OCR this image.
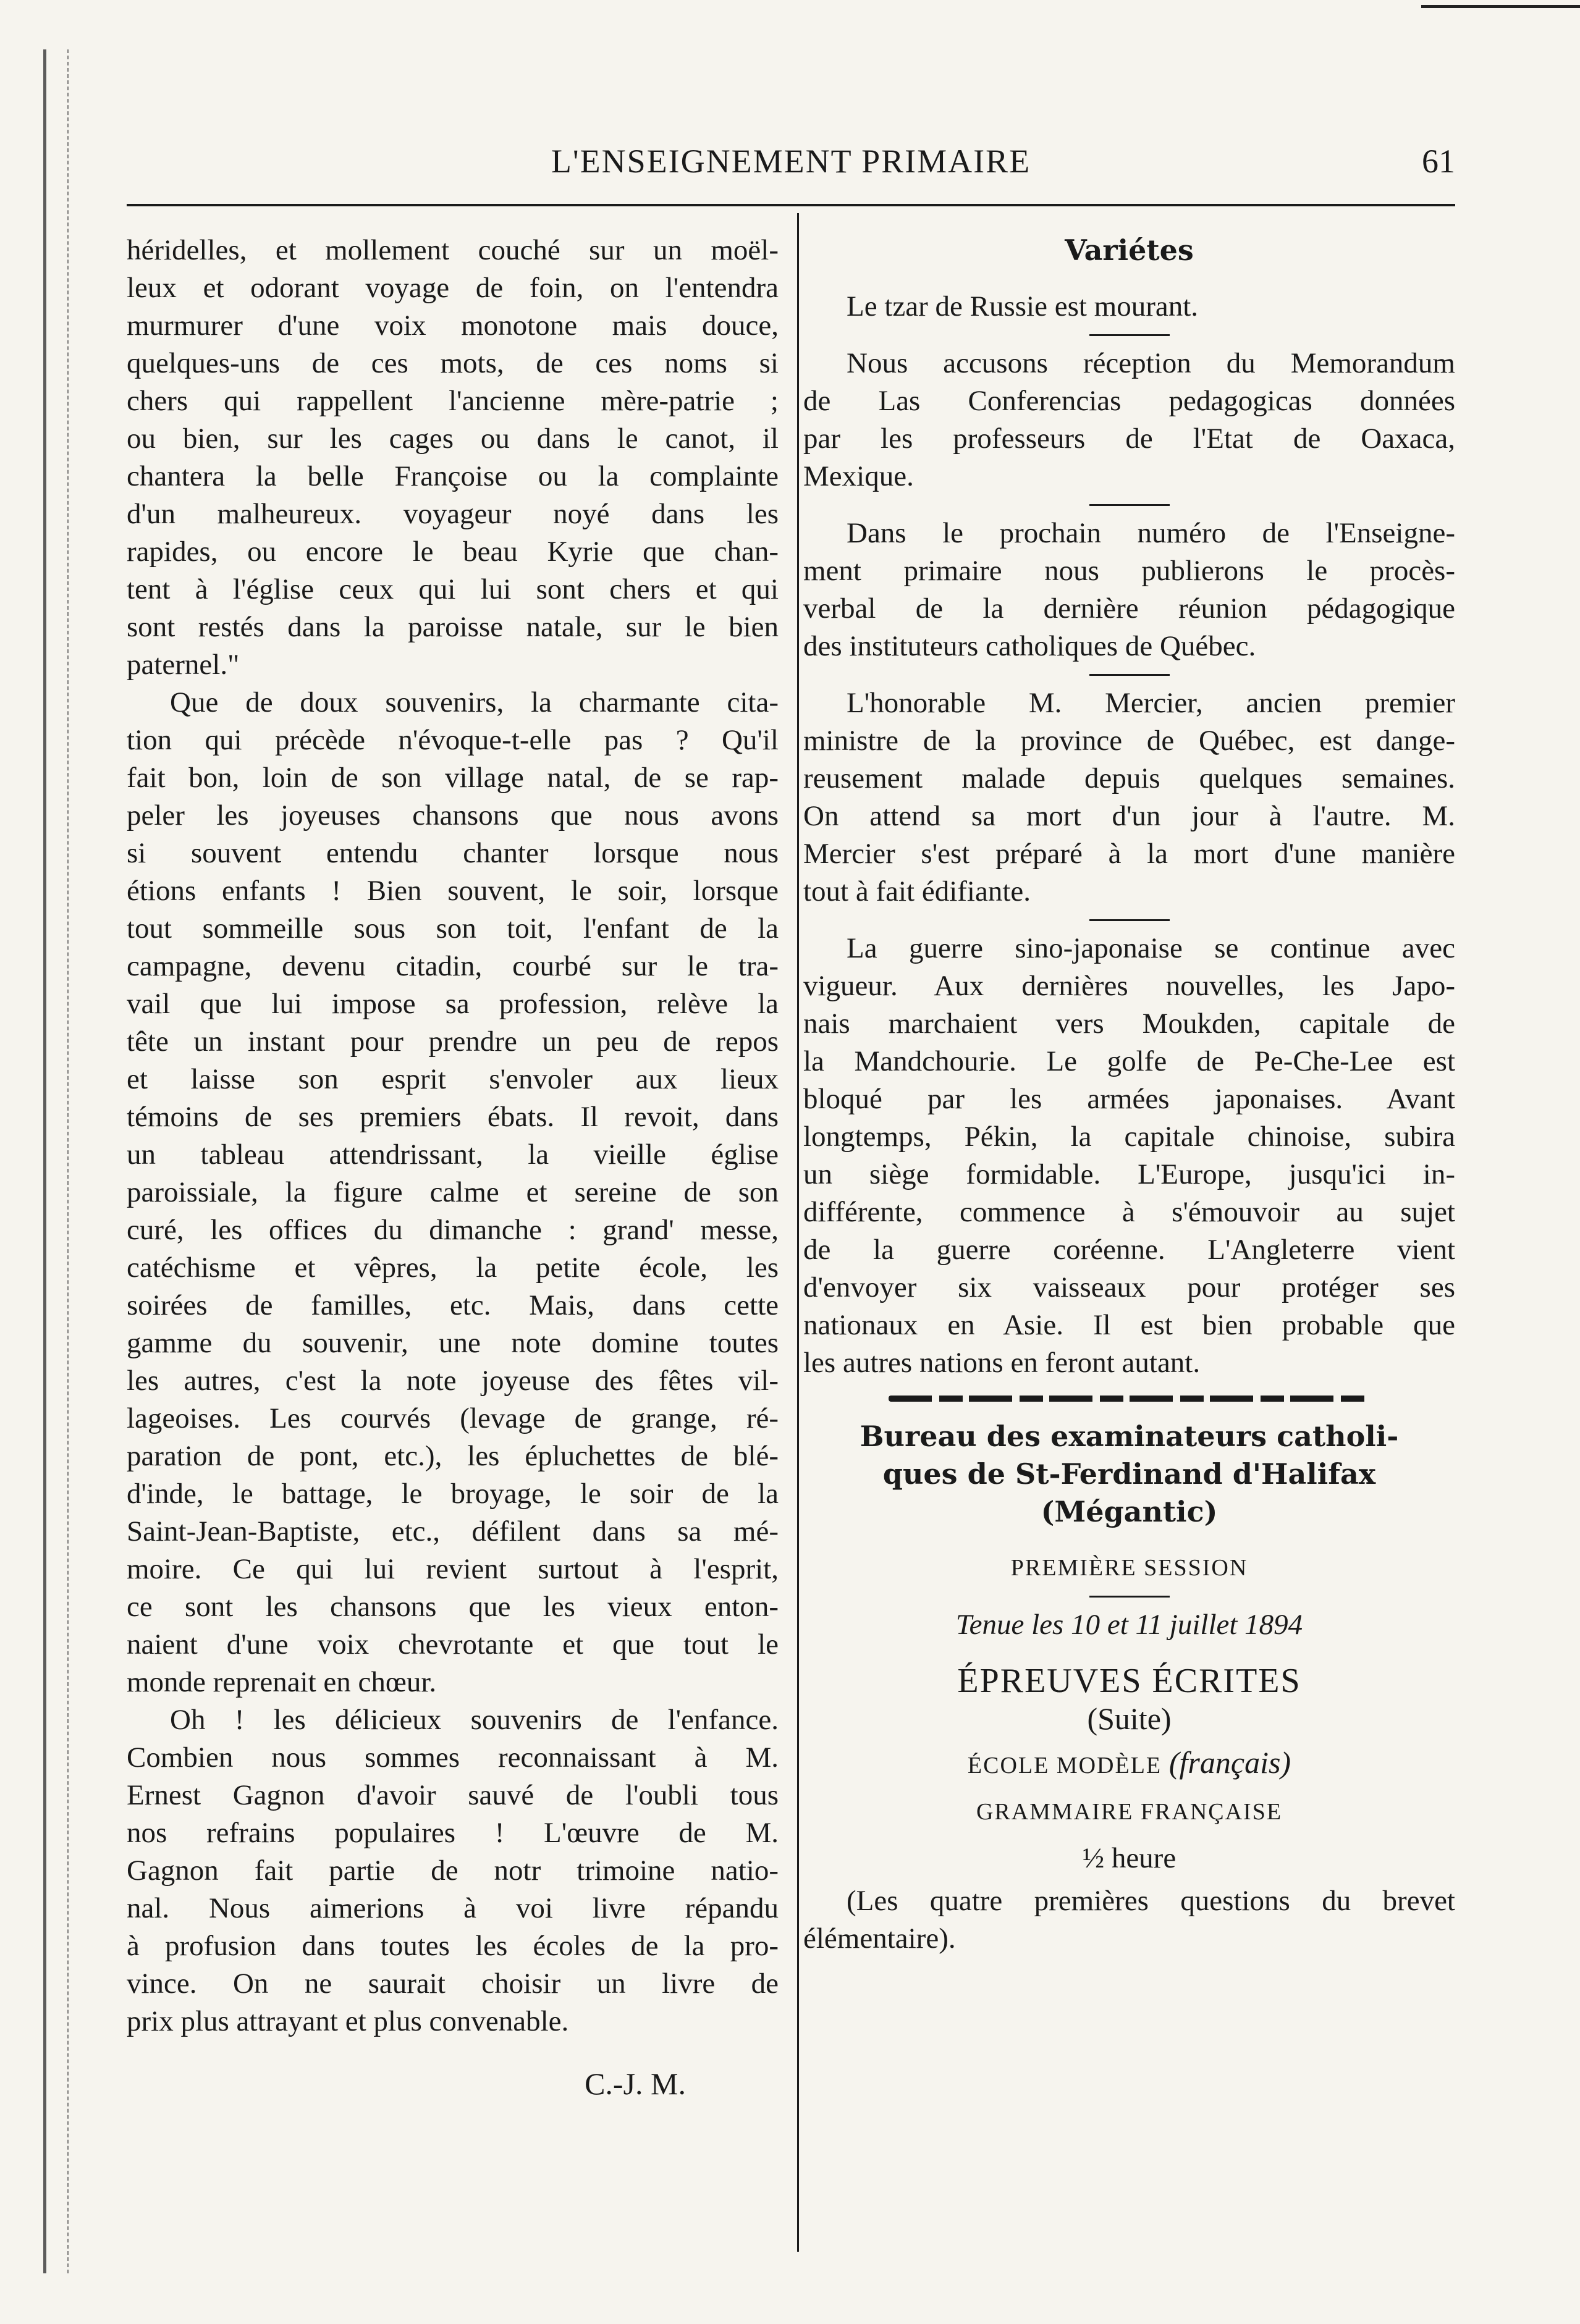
L'ENSEIGNEMENT PRIMAIRE	61
héridelles, et mollement couché sur un moël-
leux et odorant voyage de foin, on l'entendra
murmurer d'une voix monotone mais douce,
quelques-uns de ces mots, de ces noms si
chers qui rappellent l'ancienne mère-patrie ;
ou bien, sur les cages ou dans le canot, il
chantera la belle Françoise ou la complainte
d'un malheureux. voyageur noyé dans les
rapides, ou encore le beau Kyrie que chan-
tent à l'église ceux qui lui sont chers et qui
sont restés dans la paroisse natale, sur le bien
paternel."
Que de doux souvenirs, la charmante cita-
tion qui précède n'évoque-t-elle pas ? Qu'il
fait bon, loin de son village natal, de se rap-
peler les joyeuses chansons que nous avons
si souvent entendu chanter lorsque nous
étions enfants ! Bien souvent, le soir, lorsque
tout sommeille sous son toit, l'enfant de la
campagne, devenu citadin, courbé sur le tra-
vail que lui impose sa profession, relève la
tête un instant pour prendre un peu de repos
et laisse son esprit s'envoler aux lieux
témoins de ses premiers ébats. Il revoit, dans
un tableau attendrissant, la vieille église
paroissiale, la figure calme et sereine de son
curé, les offices du dimanche : grand' messe,
catéchisme et vêpres, la petite école, les
soirées de familles, etc. Mais, dans cette
gamme du souvenir, une note domine toutes
les autres, c'est la note joyeuse des fêtes vil-
lageoises. Les courvés (levage de grange, ré-
paration de pont, etc.), les épluchettes de blé-
d'inde, le battage, le broyage, le soir de la
Saint-Jean-Baptiste, etc., défilent dans sa mé-
moire. Ce qui lui revient surtout à l'esprit,
ce sont les chansons que les vieux enton-
naient d'une voix chevrotante et que tout le
monde reprenait en chœur.
Oh ! les délicieux souvenirs de l'enfance.
Combien nous sommes reconnaissant à M.
Ernest Gagnon d'avoir sauvé de l'oubli tous
nos refrains populaires ! L'œuvre de M.
Gagnon fait partie de notr trimoine natio-
nal. Nous aimerions à voi livre répandu
à profusion dans toutes les écoles de la pro-
vince. On ne saurait choisir un livre de
prix plus attrayant et plus convenable.
C.-J. M.
Variétes
Le tzar de Russie est mourant.
Nous accusons réception du Memorandum
de Las Conferencias pedagogicas données
par les professeurs de l'Etat de Oaxaca,
Mexique.
Dans le prochain numéro de l'Enseigne-
ment primaire nous publierons le procès-
verbal de la dernière réunion pédagogique
des instituteurs catholiques de Québec.
L'honorable M. Mercier, ancien premier
ministre de la province de Québec, est dange-
reusement malade depuis quelques semaines.
On attend sa mort d'un jour à l'autre. M.
Mercier s'est préparé à la mort d'une manière
tout à fait édifiante.
La guerre sino-japonaise se continue avec
vigueur. Aux dernières nouvelles, les Japo-
nais marchaient vers Moukden, capitale de
la Mandchourie. Le golfe de Pe-Che-Lee est
bloqué par les armées japonaises. Avant
longtemps, Pékin, la capitale chinoise, subira
un siège formidable. L'Europe, jusqu'ici in-
différente, commence à s'émouvoir au sujet
de la guerre coréenne. L'Angleterre vient
d'envoyer six vaisseaux pour protéger ses
nationaux en Asie. Il est bien probable que
les autres nations en feront autant.
Bureau des examinateurs catholi-
ques de St-Ferdinand d'Halifax
(Mégantic)
PREMIÈRE SESSION
Tenue les 10 et 11 juillet 1894
ÉPREUVES ÉCRITES
(Suite)
ÉCOLE MODÈLE (français)
GRAMMAIRE FRANÇAISE
½ heure
(Les quatre premières questions du brevet
élémentaire).
